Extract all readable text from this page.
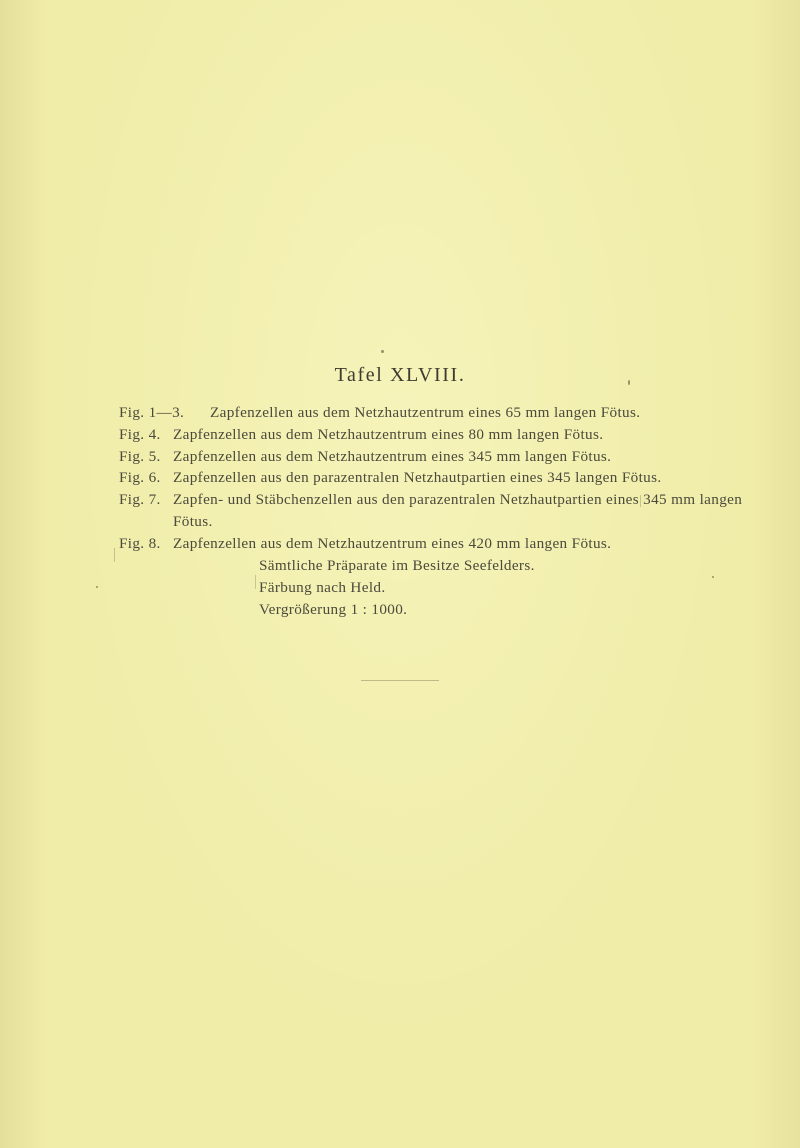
Tafel XLVIII.
Fig. 1—3.	Zapfenzellen aus dem Netzhautzentrum eines 65 mm langen Fötus.
Fig. 4. Zapfenzellen aus dem Netzhautzentrum eines 80 mm langen Fötus.
Fig. 5. Zapfenzellen aus dem Netzhautzentrum eines 345 mm langen Fötus.
Fig. 6. Zapfenzellen aus den parazentralen Netzhautpartien eines 345 langen Fötus.
Fig. 7. Zapfen- und Stäbchenzellen aus den parazentralen Netzhautpartien eines 345 mm langen Fötus.
Fig. 8. Zapfenzellen aus dem Netzhautzentrum eines 420 mm langen Fötus.
Sämtliche Präparate im Besitze Seefelders.
Färbung nach Held.
Vergrößerung 1 : 1000.
